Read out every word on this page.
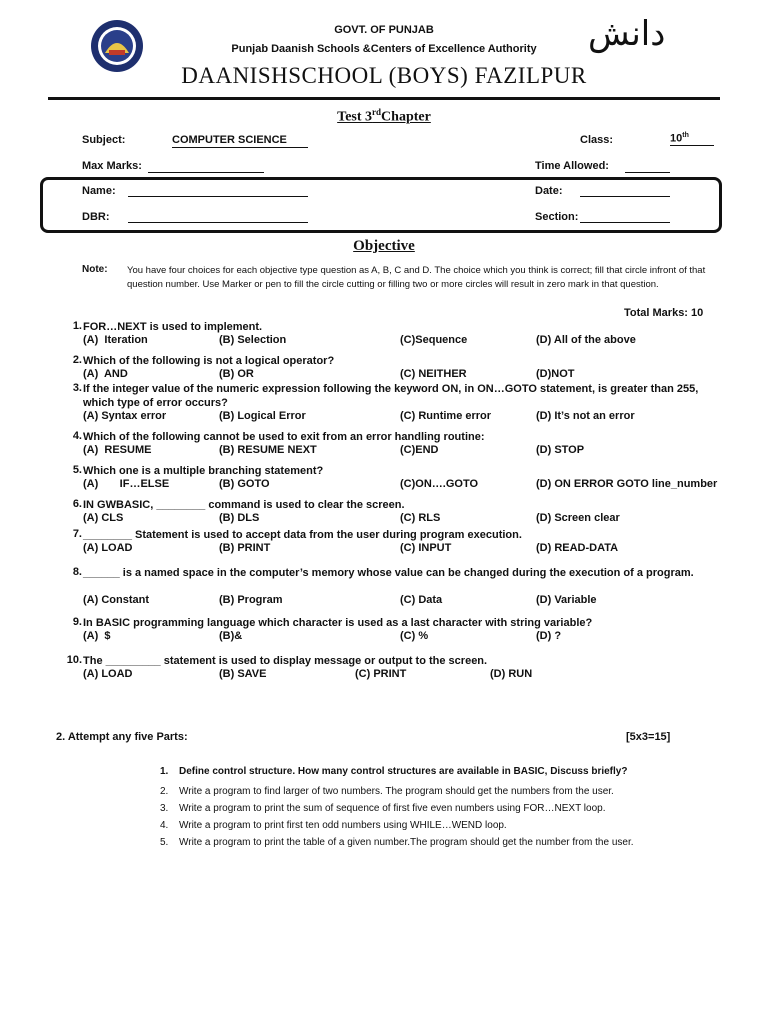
دانش
GOVT. OF PUNJAB
Punjab Daanish Schools &Centers of Excellence Authority
DAANISHSCHOOL (BOYS) FAZILPUR
Test 3rdChapter
Subject:	COMPUTER SCIENCE	Class:	10th
Max Marks:	Time Allowed:
Name:	Date:
DBR:	Section:
Objective
Note: You have four choices for each objective type question as A, B, C and D. The choice which you think is correct; fill that circle infront of that question number. Use Marker or pen to fill the circle cutting or filling two or more circles will result in zero mark in that question.
Total Marks: 10
1. FOR…NEXT is used to implement.
(A)  Iteration	(B) Selection	(C)Sequence	(D) All of the above
2. Which of the following is not a logical operator?
(A)  AND	(B) OR	(C) NEITHER	(D)NOT
3. If the integer value of the numeric expression following the keyword ON, in ON…GOTO statement, is greater than 255, which type of error occurs?
(A) Syntax error	(B) Logical Error	(C) Runtime error	(D) It’s not an error
4. Which of the following cannot be used to exit from an error handling routine:
(A)  RESUME	(B) RESUME NEXT	(C)END	(D) STOP
5. Which one is a multiple branching statement?
(A)       IF…ELSE	(B) GOTO	(C)ON….GOTO	(D) ON ERROR GOTO line_number
6. IN GWBASIC, ________ command is used to clear the screen.
(A) CLS	(B) DLS	(C) RLS	(D) Screen clear
7. ________ Statement is used to accept data from the user during program execution.
(A) LOAD	(B) PRINT	(C) INPUT	(D) READ-DATA
8. ______ is a named space in the computer’s memory whose value can be changed during the execution of a program.
(A) Constant	(B) Program	(C) Data	(D) Variable
9. In BASIC programming language which character is used as a last character with string variable?
(A)  $	(B)&	(C) %	(D) ?
10. The _________ statement is used to display message or output to the screen.
(A) LOAD	(B) SAVE	(C) PRINT	(D) RUN
2. Attempt any five Parts:	[5x3=15]
1. Define control structure. How many control structures are available in BASIC, Discuss briefly?
2. Write a program to find larger of two numbers. The program should get the numbers from the user.
3. Write a program to print the sum of sequence of first five even numbers using FOR…NEXT loop.
4. Write a program to print first ten odd numbers using WHILE…WEND loop.
5. Write a program to print the table of a given number.The program should get the number from the user.
